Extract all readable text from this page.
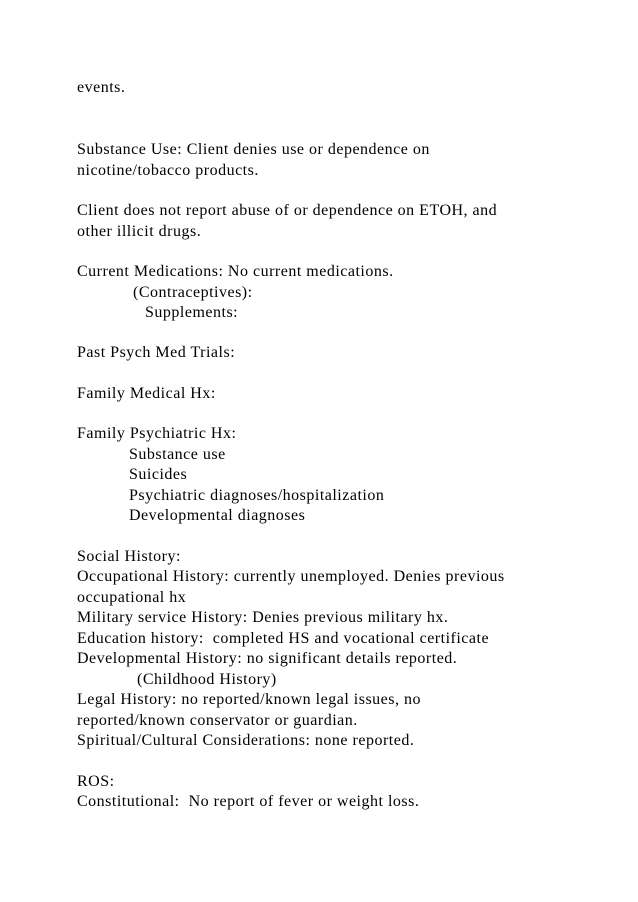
events.
Substance Use: Client denies use or dependence on
nicotine/tobacco products.
Client does not report abuse of or dependence on ETOH, and
other illicit drugs.
Current Medications: No current medications.
(Contraceptives):
Supplements:
Past Psych Med Trials:
Family Medical Hx:
Family Psychiatric Hx:
Substance use
Suicides
Psychiatric diagnoses/hospitalization
Developmental diagnoses
Social History:
Occupational History: currently unemployed. Denies previous
occupational hx
Military service History: Denies previous military hx.
Education history:  completed HS and vocational certificate
Developmental History: no significant details reported.
(Childhood History)
Legal History: no reported/known legal issues, no
reported/known conservator or guardian.
Spiritual/Cultural Considerations: none reported.
ROS:
Constitutional:  No report of fever or weight loss.
